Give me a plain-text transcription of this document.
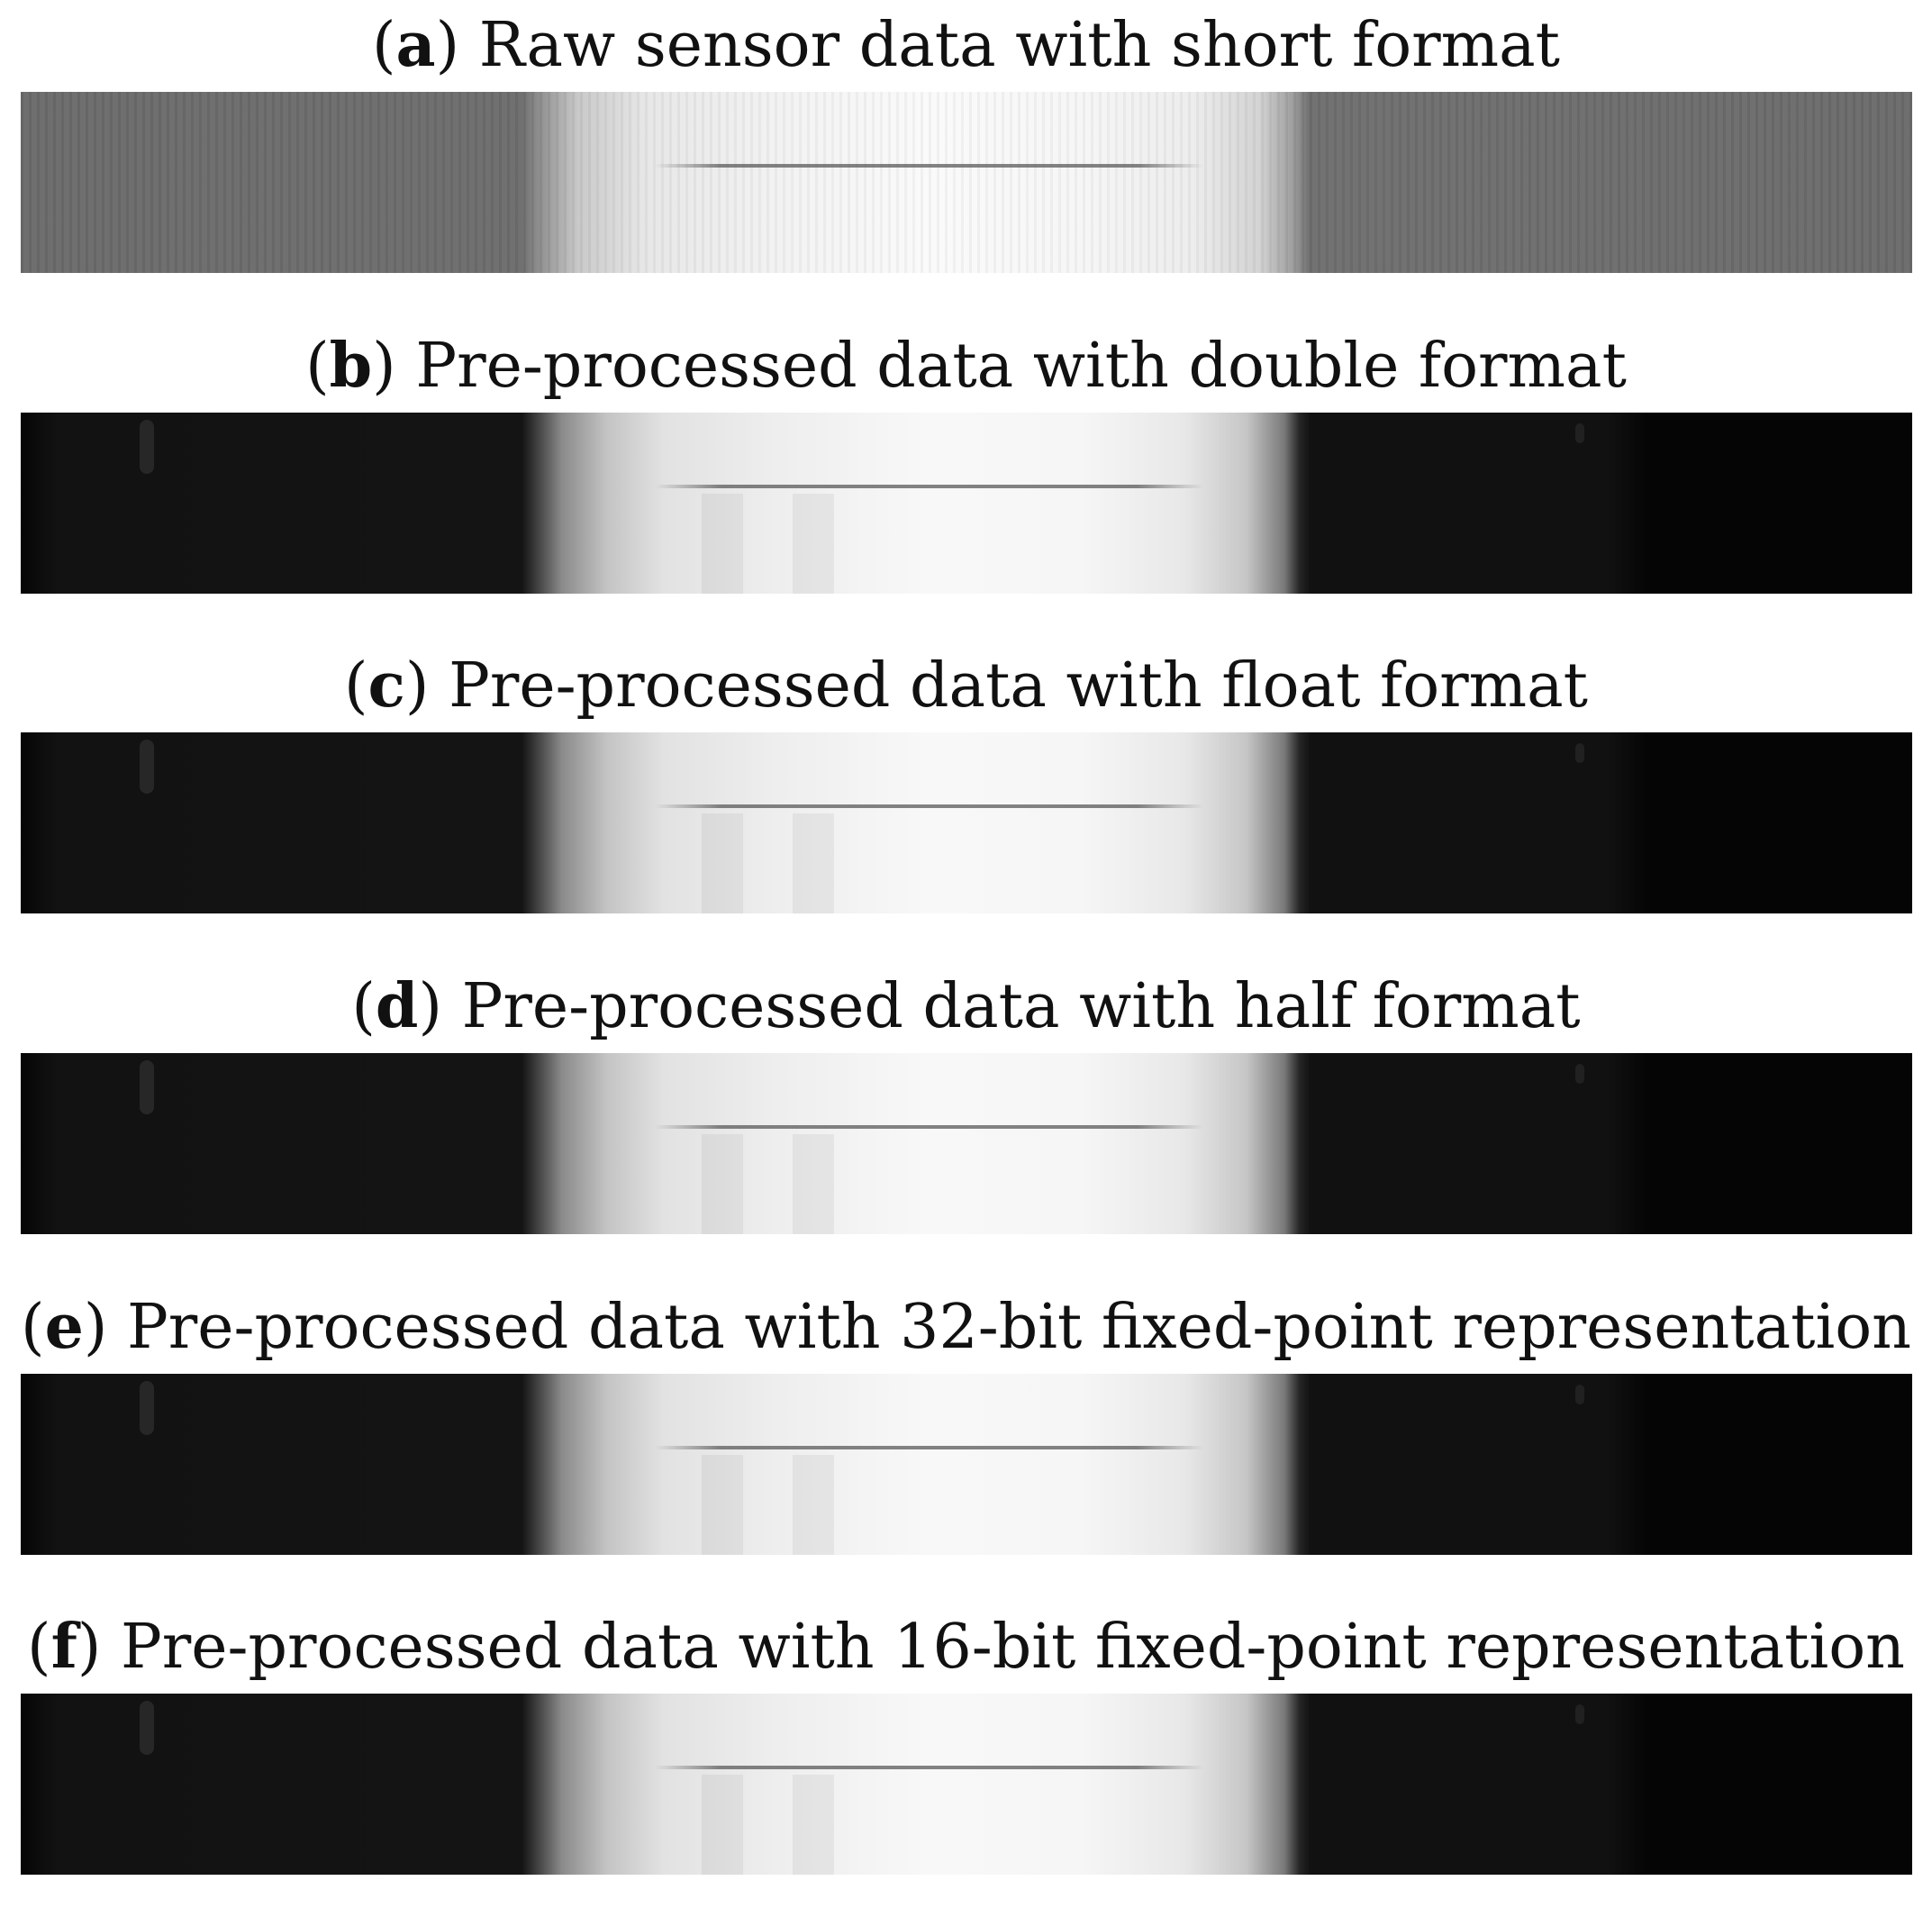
(a) Raw sensor data with short format
(b) Pre-processed data with double format
(c) Pre-processed data with float format
(d) Pre-processed data with half format
(e) Pre-processed data with 32-bit fixed-point representation
(f) Pre-processed data with 16-bit fixed-point representation
